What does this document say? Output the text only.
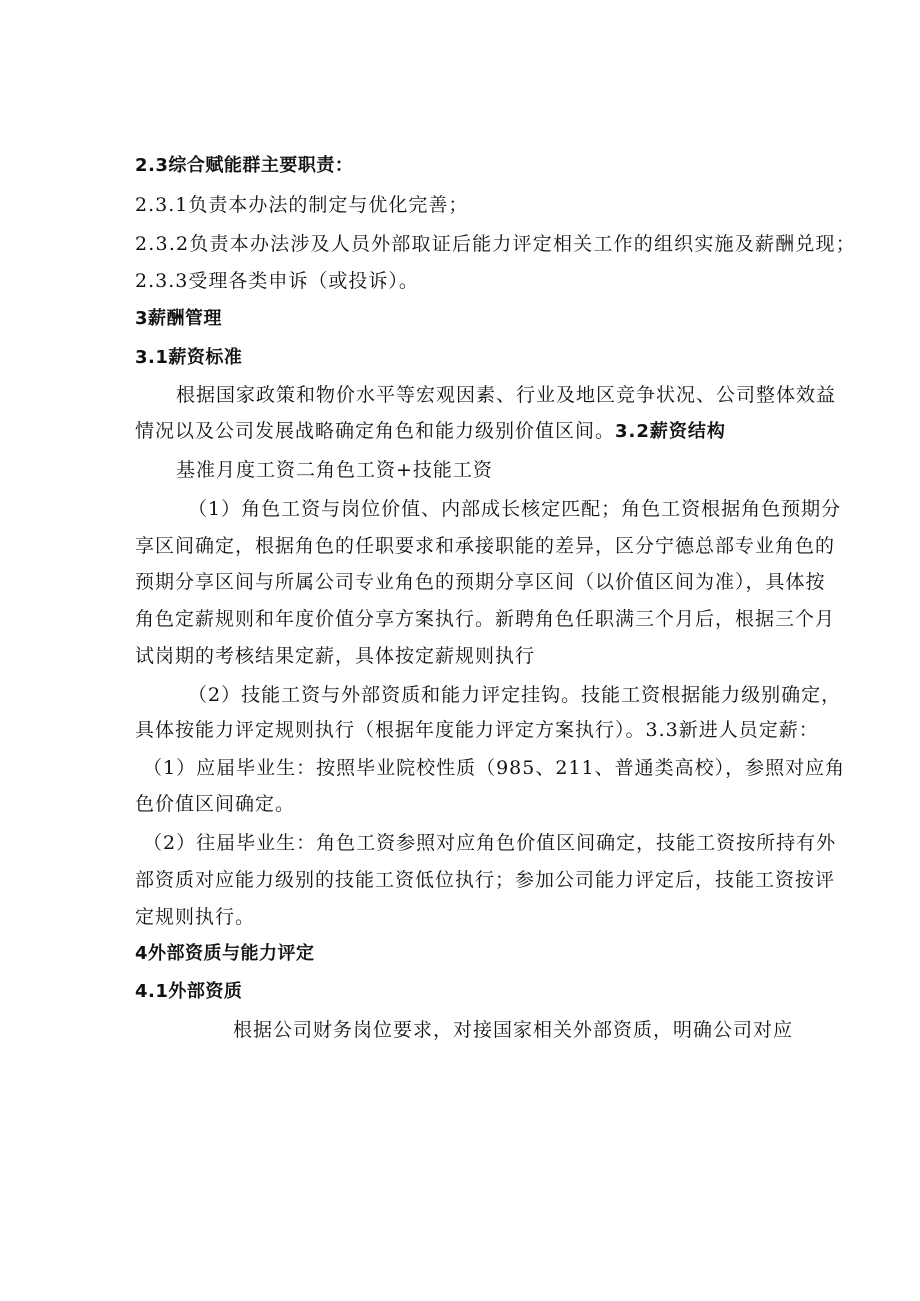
2.3综合赋能群主要职责：
2.3.1负责本办法的制定与优化完善；
2.3.2负责本办法涉及人员外部取证后能力评定相关工作的组织实施及薪酬兑现；
2.3.3受理各类申诉（或投诉）。
3薪酬管理
3.1薪资标准
根据国家政策和物价水平等宏观因素、行业及地区竞争状况、公司整体效益
情况以及公司发展战略确定角色和能力级别价值区间。3.2薪资结构
基准月度工资二角色工资+技能工资
（1）角色工资与岗位价值、内部成长核定匹配；角色工资根据角色预期分
享区间确定，根据角色的任职要求和承接职能的差异，区分宁德总部专业角色的
预期分享区间与所属公司专业角色的预期分享区间（以价值区间为准），具体按
角色定薪规则和年度价值分享方案执行。新聘角色任职满三个月后，根据三个月
试岗期的考核结果定薪，具体按定薪规则执行
（2）技能工资与外部资质和能力评定挂钩。技能工资根据能力级别确定，
具体按能力评定规则执行（根据年度能力评定方案执行）。3.3新进人员定薪：
（1）应届毕业生：按照毕业院校性质（985、211、普通类高校），参照对应角
色价值区间确定。
（2）往届毕业生：角色工资参照对应角色价值区间确定，技能工资按所持有外
部资质对应能力级别的技能工资低位执行；参加公司能力评定后，技能工资按评
定规则执行。
4外部资质与能力评定
4.1外部资质
根据公司财务岗位要求，对接国家相关外部资质，明确公司对应
